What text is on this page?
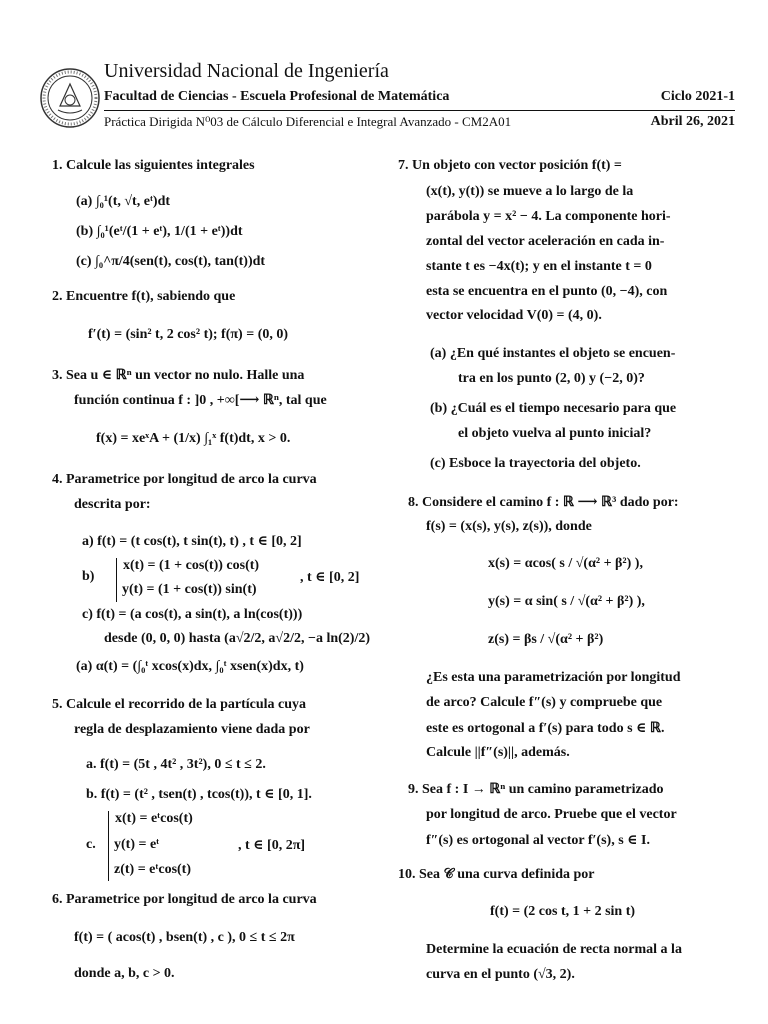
Universidad Nacional de Ingeniería
Facultad de Ciencias - Escuela Profesional de Matemática	Ciclo 2021-1
Práctica Dirigida N⁰03 de Cálculo Diferencial e Integral Avanzado - CM2A01	Abril 26, 2021
1. Calcule las siguientes integrales
(a) ∫₀¹(t, √t, eᵗ)dt
(b) ∫₀¹(eᵗ/(1 + eᵗ), 1/(1 + eᵗ))dt
(c) ∫₀^π/4(sen(t), cos(t), tan(t))dt
2. Encuentre f(t), sabiendo que
f′(t) = (sin² t, 2 cos² t); f(π) = (0, 0)
3. Sea u ∈ ℝⁿ un vector no nulo. Halle una
función continua f : ]0 , +∞[⟶ ℝⁿ, tal que
f(x) = xeˣA + (1/x) ∫₁ˣ f(t)dt, x > 0.
4. Parametrice por longitud de arco la curva
descrita por:
a) f(t) = (t cos(t), t sin(t), t) , t ∈ [0, 2]
x(t) = (1 + cos(t)) cos(t)
b)	, t ∈ [0, 2]
y(t) = (1 + cos(t)) sin(t)
c) f(t) = (a cos(t), a sin(t), a ln(cos(t)))
desde (0, 0, 0) hasta (a√2/2, a√2/2, −a ln(2)/2)
(a) α(t) = (∫₀ᵗ xcos(x)dx, ∫₀ᵗ xsen(x)dx, t)
5. Calcule el recorrido de la partícula cuya
regla de desplazamiento viene dada por
a. f(t) = (5t , 4t² , 3t²), 0 ≤ t ≤ 2.
b. f(t) = (t² , tsen(t) , tcos(t)), t ∈ [0, 1].
x(t) = eᵗcos(t)
c. y(t) = eᵗ	, t ∈ [0, 2π]
z(t) = eᵗcos(t)
6. Parametrice por longitud de arco la curva
f(t) = ( acos(t) , bsen(t) , c ), 0 ≤ t ≤ 2π
donde a, b, c > 0.
7. Un objeto con vector posición f(t) =
(x(t), y(t)) se mueve a lo largo de la
parábola y = x² − 4. La componente hori-
zontal del vector aceleración en cada in-
stante t es −4x(t); y en el instante t = 0
esta se encuentra en el punto (0, −4), con
vector velocidad V(0) = (4, 0).
(a) ¿En qué instantes el objeto se encuen-
tra en los punto (2, 0) y (−2, 0)?
(b) ¿Cuál es el tiempo necesario para que
el objeto vuelva al punto inicial?
(c) Esboce la trayectoria del objeto.
8. Considere el camino f : ℝ ⟶ ℝ³ dado por:
f(s) = (x(s), y(s), z(s)), donde
x(s) = αcos( s / √(α² + β²) ),
y(s) = α sin( s / √(α² + β²) ),
z(s) = βs / √(α² + β²)
¿Es esta una parametrización por longitud
de arco? Calcule f″(s) y compruebe que
este es ortogonal a f′(s) para todo s ∈ ℝ.
Calcule ||f″(s)||, además.
9. Sea f : I → ℝⁿ un camino parametrizado
por longitud de arco. Pruebe que el vector
f″(s) es ortogonal al vector f′(s), s ∈ I.
10. Sea 𝒞 una curva definida por
f(t) = (2 cos t, 1 + 2 sin t)
Determine la ecuación de recta normal a la
curva en el punto (√3, 2).
